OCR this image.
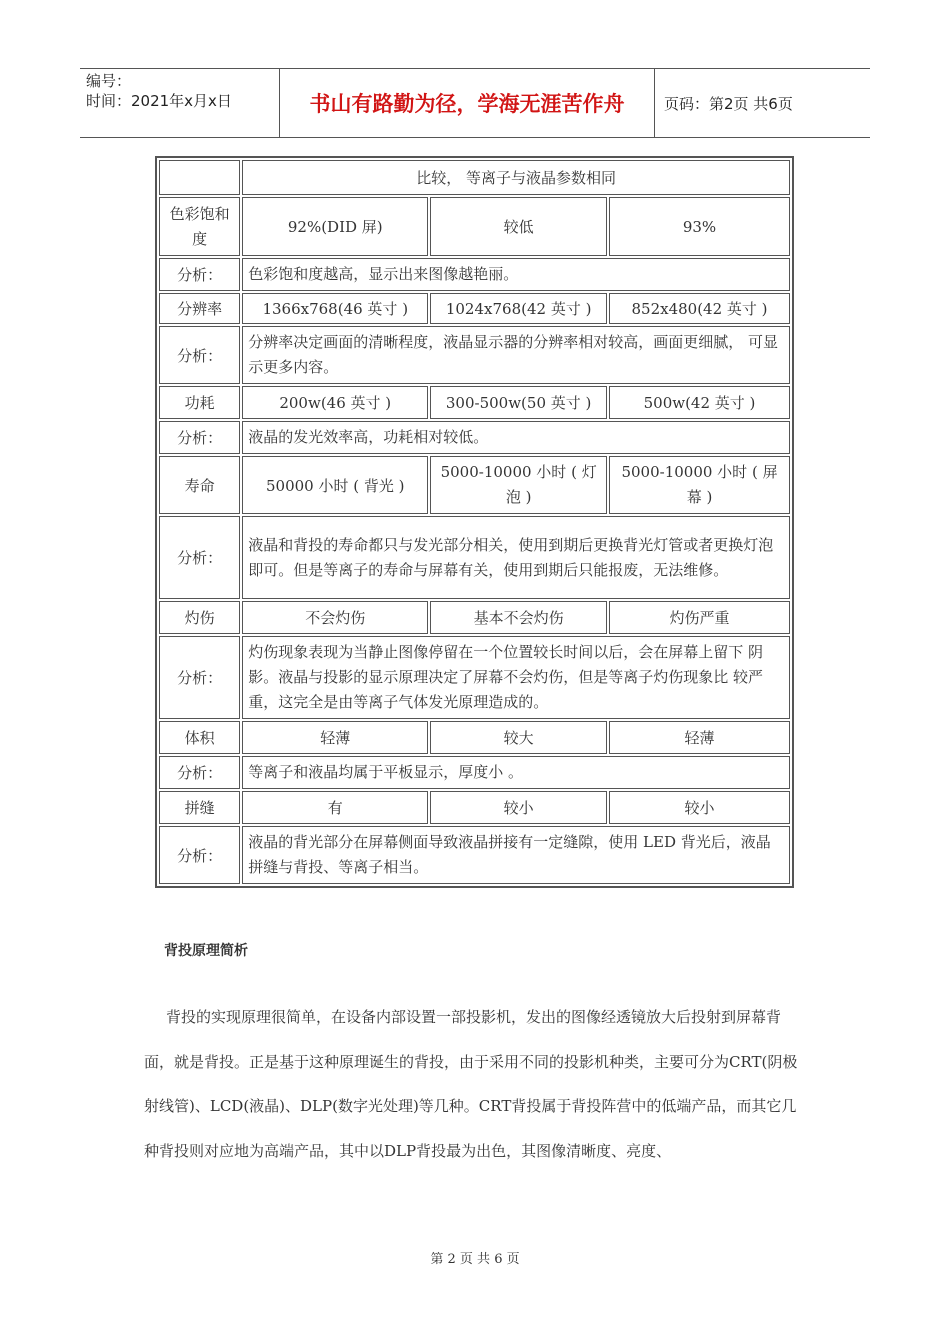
编号：
时间：2021年x月x日	书山有路勤为径，学海无涯苦作舟	页码：第2页 共6页
	比较， 等离子与液晶参数相同		
色彩饱和度	92%(DID 屏)	较低	93%
分析：	色彩饱和度越高，显示出来图像越艳丽。		
分辨率	1366x768(46 英寸 )	1024x768(42 英寸 )	852x480(42 英寸 )
分析：	分辨率决定画面的清晰程度，液晶显示器的分辨率相对较高，画面更细腻， 可显示更多内容。		
功耗	200w(46 英寸 )	300-500w(50 英寸 )	500w(42 英寸 )
分析：	液晶的发光效率高，功耗相对较低。		
寿命	50000 小时 ( 背光 )	5000-10000 小时 ( 灯泡 )	5000-10000 小时 ( 屏幕 )
分析：	液晶和背投的寿命都只与发光部分相关，使用到期后更换背光灯管或者更换灯泡即可。但是等离子的寿命与屏幕有关，使用到期后只能报废，无法维修。		
灼伤	不会灼伤	基本不会灼伤	灼伤严重
分析：	灼伤现象表现为当静止图像停留在一个位置较长时间以后，会在屏幕上留下 阴影。液晶与投影的显示原理决定了屏幕不会灼伤，但是等离子灼伤现象比 较严重，这完全是由等离子气体发光原理造成的。		
体积	轻薄	较大	轻薄
分析：	等离子和液晶均属于平板显示，厚度小 。		
拼缝	有	较小	较小
分析：	液晶的背光部分在屏幕侧面导致液晶拼接有一定缝隙，使用 LED 背光后，液晶拼缝与背投、等离子相当。		
背投原理简析
背投的实现原理很简单，在设备内部设置一部投影机，发出的图像经透镜放大后投射到屏幕背面，就是背投。正是基于这种原理诞生的背投，由于采用不同的投影机种类，主要可分为CRT(阴极射线管)、LCD(液晶)、DLP(数字光处理)等几种。CRT背投属于背投阵营中的低端产品，而其它几种背投则对应地为高端产品，其中以DLP背投最为出色，其图像清晰度、亮度、
第 2 页 共 6 页
